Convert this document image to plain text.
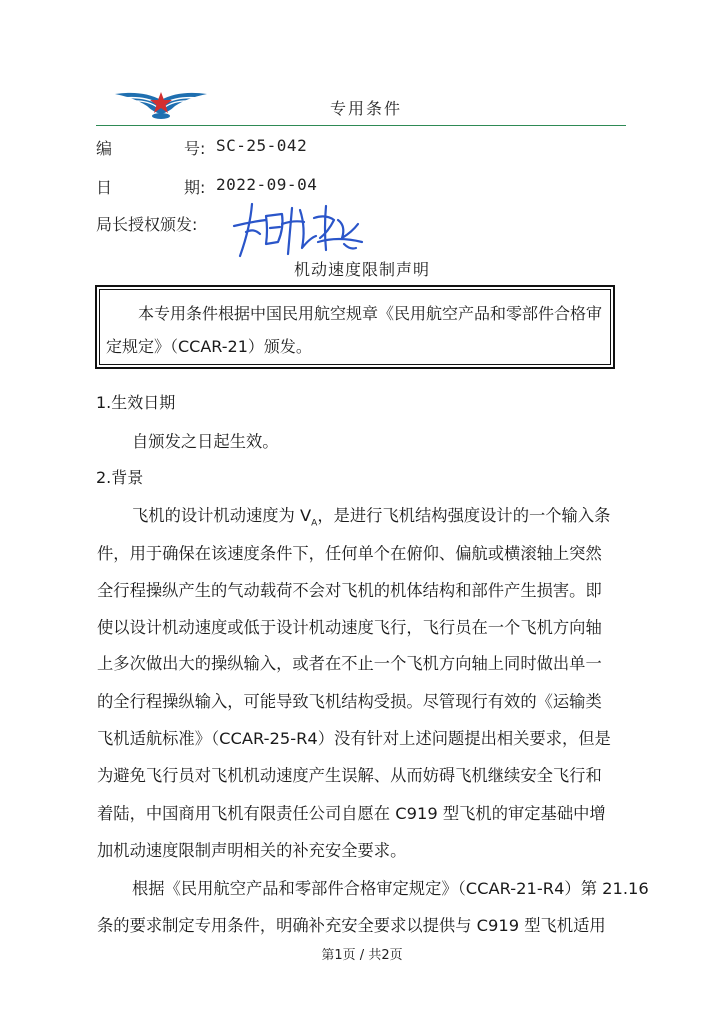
专用条件
编	号: SC-25-042
日	期: 2022-09-04
局长授权颁发:
机动速度限制声明
本专用条件根据中国民用航空规章《民用航空产品和零部件合格审定规定》（CCAR-21）颁发。
1.生效日期
自颁发之日起生效。
2.背景
飞机的设计机动速度为 $V_A$，是进行飞机结构强度设计的一个输入条
件，用于确保在该速度条件下，任何单个在俯仰、偏航或横滚轴上突然
全行程操纵产生的气动载荷不会对飞机的机体结构和部件产生损害。即
使以设计机动速度或低于设计机动速度飞行，飞行员在一个飞机方向轴
上多次做出大的操纵输入，或者在不止一个飞机方向轴上同时做出单一
的全行程操纵输入，可能导致飞机结构受损。尽管现行有效的《运输类
飞机适航标准》（CCAR-25-R4）没有针对上述问题提出相关要求，但是
为避免飞行员对飞机机动速度产生误解、从而妨碍飞机继续安全飞行和
着陆，中国商用飞机有限责任公司自愿在 C919 型飞机的审定基础中增
加机动速度限制声明相关的补充安全要求。
根据《民用航空产品和零部件合格审定规定》（CCAR-21-R4）第 21.16
条的要求制定专用条件，明确补充安全要求以提供与 C919 型飞机适用
第1页 / 共2页
